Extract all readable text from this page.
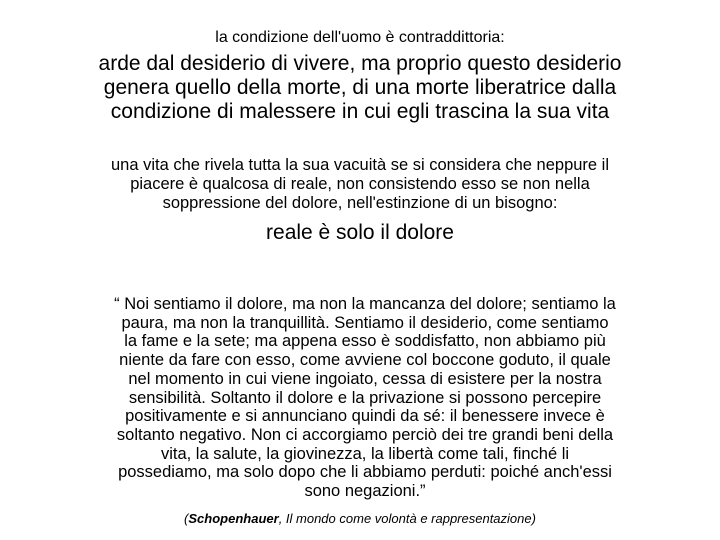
la condizione dell'uomo è contraddittoria:
arde dal desiderio di vivere, ma proprio questo desiderio
genera quello della morte, di una morte liberatrice dalla
condizione di malessere in cui egli trascina la sua vita
una vita che rivela tutta la sua vacuità se si considera che neppure il
piacere è qualcosa di reale, non consistendo esso se non nella
soppressione del dolore, nell'estinzione di un bisogno:
reale è solo il dolore
“ Noi sentiamo il dolore, ma non la mancanza del dolore; sentiamo la
paura, ma non la tranquillità. Sentiamo il desiderio, come sentiamo
la fame e la sete; ma appena esso è soddisfatto, non abbiamo più
niente da fare con esso, come avviene col boccone goduto, il quale
nel momento in cui viene ingoiato, cessa di esistere per la nostra
sensibilità. Soltanto il dolore e la privazione si possono percepire
positivamente e si annunciano quindi da sé: il benessere invece è
soltanto negativo. Non ci accorgiamo perciò dei tre grandi beni della
vita, la salute, la giovinezza, la libertà come tali, finché li
possediamo, ma solo dopo che li abbiamo perduti: poiché anch'essi
sono negazioni.”
(Schopenhauer, Il mondo come volontà e rappresentazione)
